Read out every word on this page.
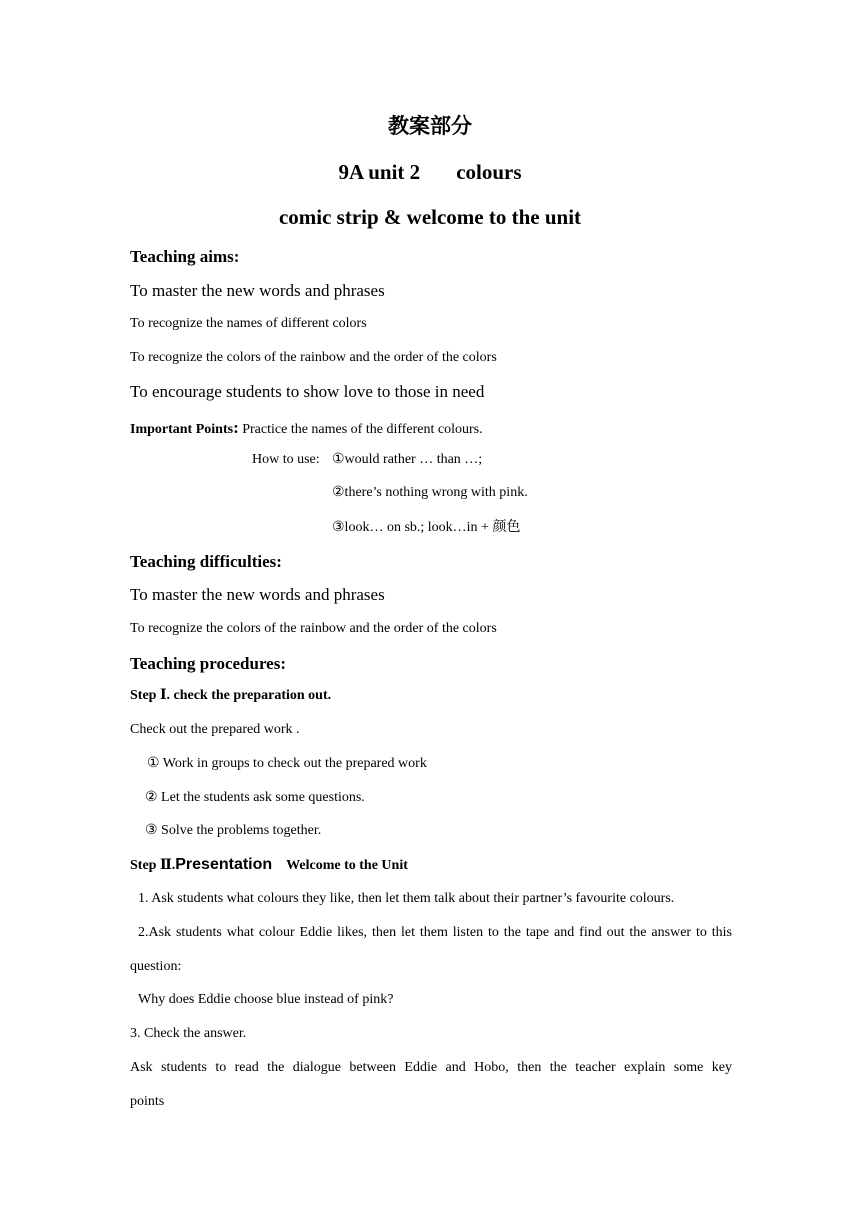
教案部分
9A unit 2 colours
comic strip & welcome to the unit
Teaching aims:
To master the new words and phrases
To recognize the names of different colors
To recognize the colors of the rainbow and the order of the colors
To encourage students to show love to those in need
Important Points: Practice the names of the different colours.
How to use: ①would rather … than …;
②there’s nothing wrong with pink.
③look… on sb.; look…in + 颜色
Teaching difficulties:
To master the new words and phrases
To recognize the colors of the rainbow and the order of the colors
Teaching procedures:
Step Ⅰ. check the preparation out.
Check out the prepared work .
① Work in groups to check out the prepared work
② Let the students ask some questions.
③ Solve the problems together.
Step Ⅱ.Presentation Welcome to the Unit
1. Ask students what colours they like, then let them talk about their partner’s favourite colours.
2.Ask students what colour Eddie likes, then let them listen to the tape and find out the answer to this question:
Why does Eddie choose blue instead of pink?
3. Check the answer.
Ask students to read the dialogue between Eddie and Hobo, then the teacher explain some key points
